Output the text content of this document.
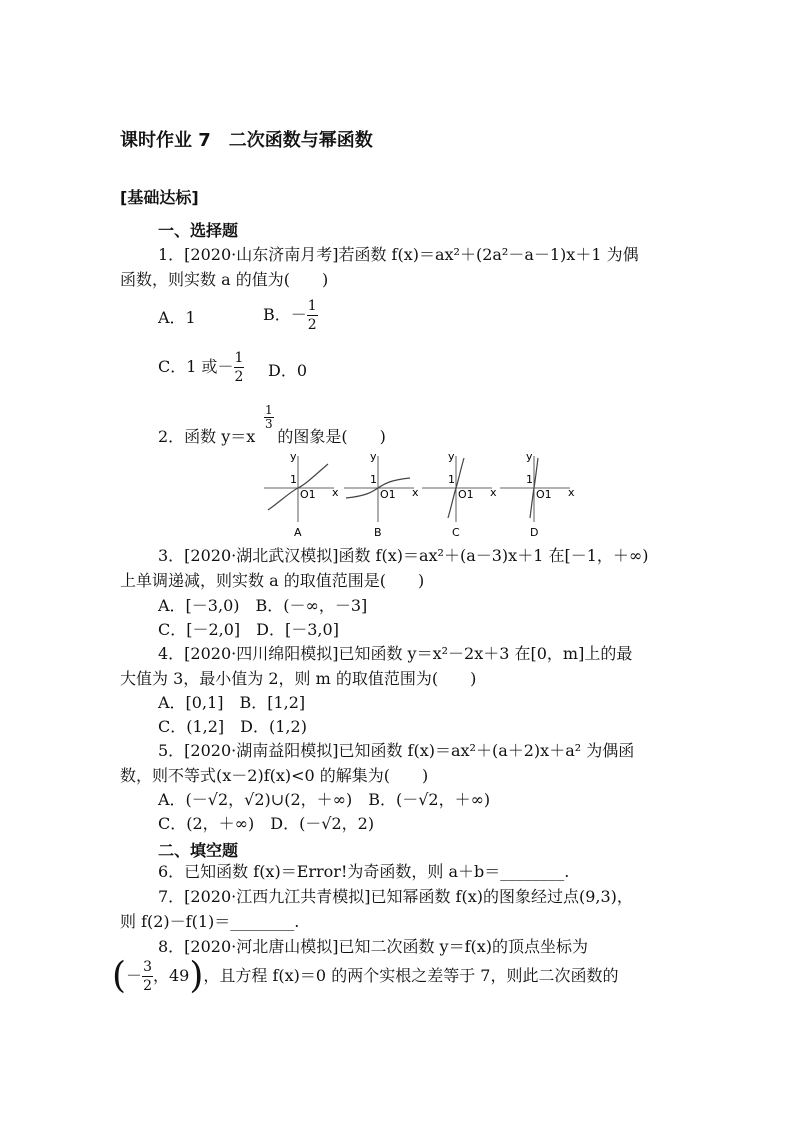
课时作业 7　二次函数与幂函数
[基础达标]
一、选择题
1．[2020·山东济南月考]若函数 f(x)＝ax²＋(2a²－a－1)x＋1 为偶
函数，则实数 a 的值为(　　)
A．1	B．－ $\frac{1}{2}$
C．1 或－ $\frac{1}{2}$ D．0
2．函数 y＝x 的图象是(　　)
$\frac{1}{3}$
y
x
1
O1
A
y
x
1
O1
B
y
x
1
O1
C
y
x
1
O1
D
3．[2020·湖北武汉模拟]函数 f(x)＝ax²＋(a－3)x＋1 在[－1，＋∞)
上单调递减，则实数 a 的取值范围是(　　)
A．[－3,0)　B．(－∞，－3]
C．[－2,0]　D．[－3,0]
4．[2020·四川绵阳模拟]已知函数 y＝x²－2x＋3 在[0，m]上的最
大值为 3，最小值为 2，则 m 的取值范围为(　　)
A．[0,1]　B．[1,2]
C．(1,2]　D．(1,2)
5．[2020·湖南益阳模拟]已知函数 f(x)＝ax²＋(a＋2)x＋a² 为偶函
数，则不等式(x－2)f(x)<0 的解集为(　　)
A．(－√2，√2)∪(2，＋∞)　B．(－√2，＋∞)
C．(2，＋∞)　D．(－√2，2)
二、填空题
6．已知函数 f(x)＝Error!为奇函数，则 a＋b＝________.
7．[2020·江西九江共青模拟]已知幂函数 f(x)的图象经过点(9,3)，
则 f(2)－f(1)＝________.
8．[2020·河北唐山模拟]已知二次函数 y＝f(x)的顶点坐标为
(－ $\frac{3}{2}$ ，49)，且方程 f(x)＝0 的两个实根之差等于 7，则此二次函数的
